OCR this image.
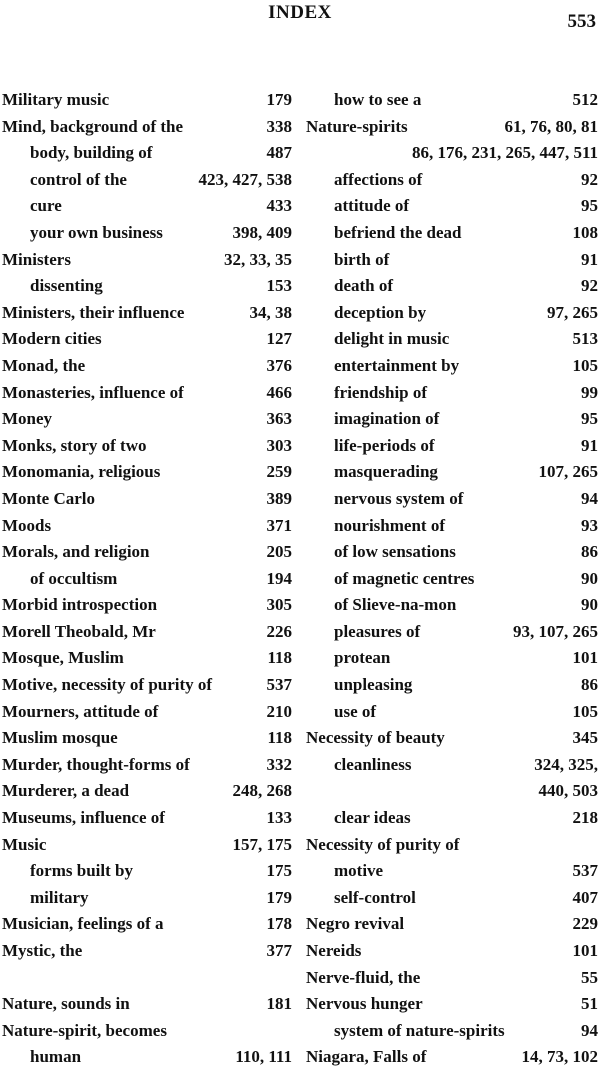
INDEX	553
Military music	179
Mind, background of the	338
body, building of	487
control of the	423, 427, 538
cure	433
your own business	398, 409
Ministers	32, 33, 35
dissenting	153
Ministers, their influence	34, 38
Modern cities	127
Monad, the	376
Monasteries, influence of	466
Money	363
Monks, story of two	303
Monomania, religious	259
Monte Carlo	389
Moods	371
Morals, and religion	205
of occultism	194
Morbid introspection	305
Morell Theobald, Mr	226
Mosque, Muslim	118
Motive, necessity of purity of	537
Mourners, attitude of	210
Muslim mosque	118
Murder, thought-forms of	332
Murderer, a dead	248, 268
Museums, influence of	133
Music	157, 175
forms built by	175
military	179
Musician, feelings of a	178
Mystic, the	377
Nature, sounds in	181
Nature-spirit, becomes
human	110, 111
how to see a	512
Nature-spirits	61, 76, 80, 81
86, 176, 231, 265, 447, 511
affections of	92
attitude of	95
befriend the dead	108
birth of	91
death of	92
deception by	97, 265
delight in music	513
entertainment by	105
friendship of	99
imagination of	95
life-periods of	91
masquerading	107, 265
nervous system of	94
nourishment of	93
of low sensations	86
of magnetic centres	90
of Slieve-na-mon	90
pleasures of	93, 107, 265
protean	101
unpleasing	86
use of	105
Necessity of beauty	345
cleanliness	324, 325,
440, 503
clear ideas	218
Necessity of purity of
motive	537
self-control	407
Negro revival	229
Nereids	101
Nerve-fluid, the	55
Nervous hunger	51
system of nature-spirits	94
Niagara, Falls of	14, 73, 102
